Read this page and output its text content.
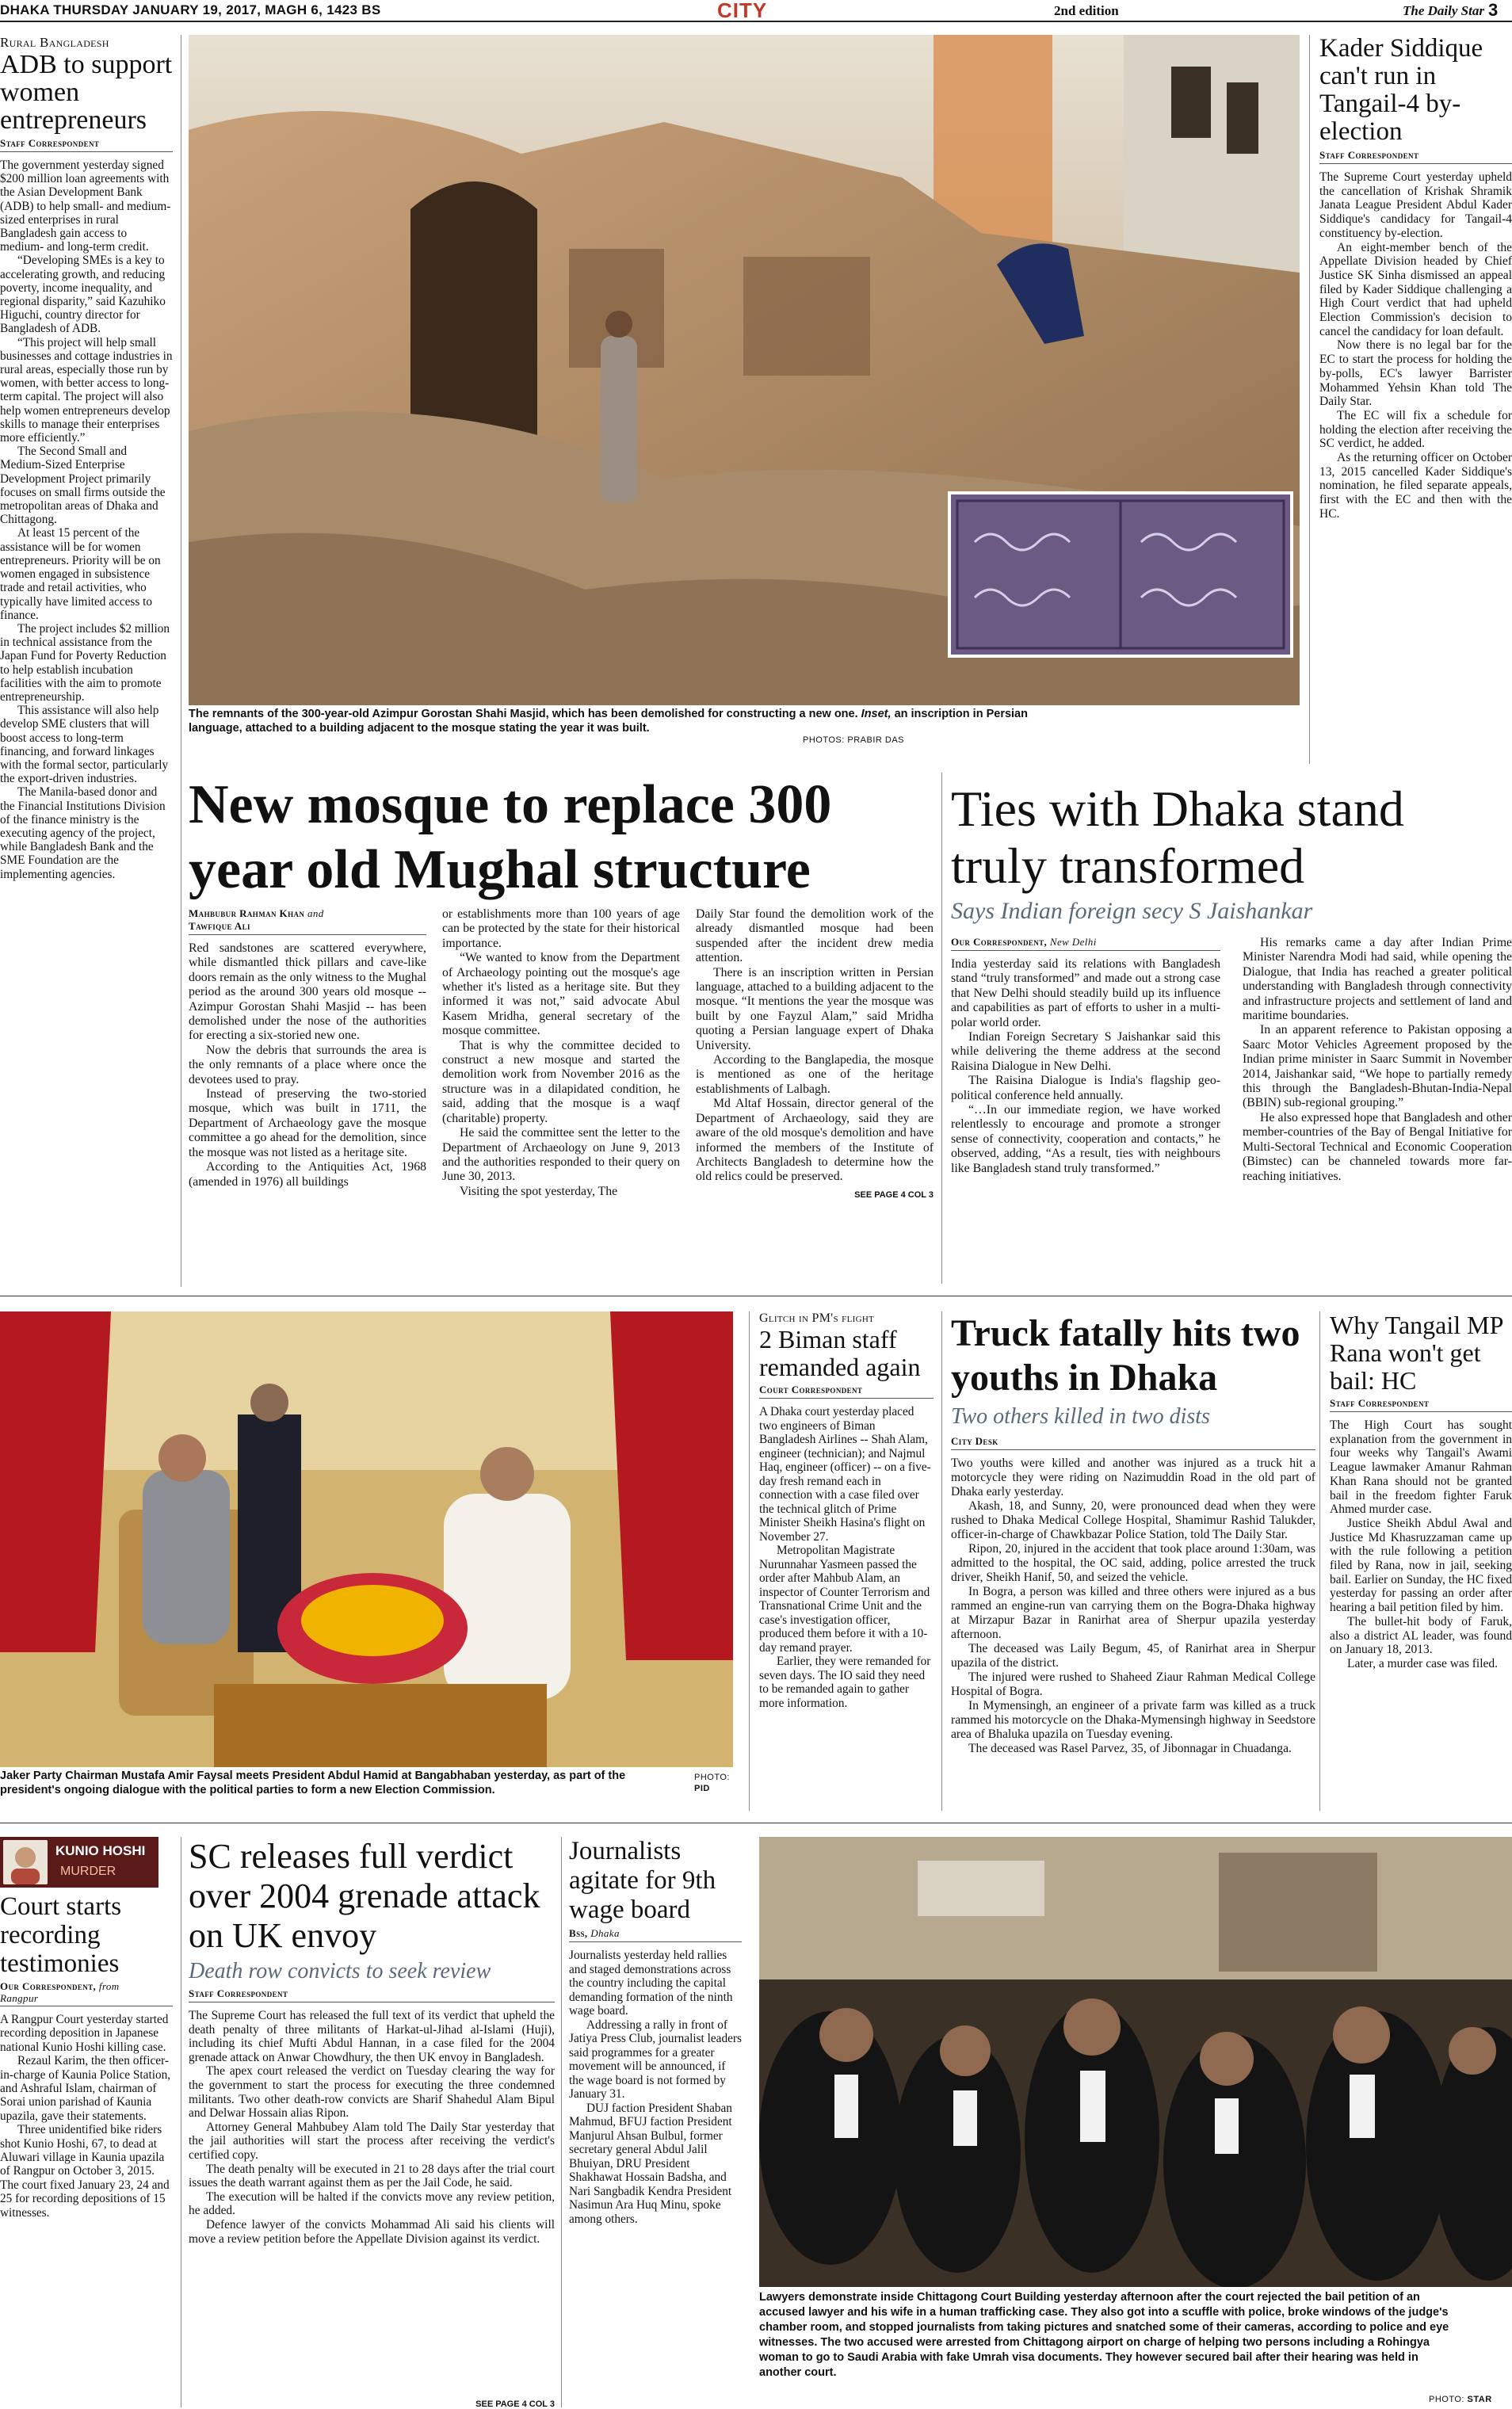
DHAKA THURSDAY JANUARY 19, 2017, MAGH 6, 1423 BS	CITY	2nd edition	The Daily Star 3
Rural Bangladesh
ADB to support women entrepreneurs
Staff Correspondent

The government yesterday signed $200 million loan agreements with the Asian Development Bank (ADB) to help small- and medium-sized enterprises in rural Bangladesh gain access to medium- and long-term credit.

“Developing SMEs is a key to accelerating growth, and reducing poverty, income inequality, and regional disparity,” said Kazuhiko Higuchi, country director for Bangladesh of ADB.

“This project will help small businesses and cottage industries in rural areas, especially those run by women, with better access to long-term capital. The project will also help women entrepreneurs develop skills to manage their enterprises more efficiently.”

The Second Small and Medium-Sized Enterprise Development Project primarily focuses on small firms outside the metropolitan areas of Dhaka and Chittagong.

At least 15 percent of the assistance will be for women entrepreneurs. Priority will be on women engaged in subsistence trade and retail activities, who typically have limited access to finance.

The project includes $2 million in technical assistance from the Japan Fund for Poverty Reduction to help establish incubation facilities with the aim to promote entrepreneurship.

This assistance will also help develop SME clusters that will boost access to long-term financing, and forward linkages with the formal sector, particularly the export-driven industries.

The Manila-based donor and the Financial Institutions Division of the finance ministry is the executing agency of the project, while Bangladesh Bank and the SME Foundation are the implementing agencies.

The remnants of the 300-year-old Azimpur Gorostan Shahi Masjid, which has been demolished for constructing a new one. Inset, an inscription in Persian language, attached to a building adjacent to the mosque stating the year it was built.
PHOTOS: PRABIR DAS
New mosque to replace 300 year old Mughal structure
Mahbubur Rahman Khan and
Tawfique Ali

Red sandstones are scattered everywhere, while dismantled thick pillars and cave-like doors remain as the only witness to the Mughal period as the around 300 years old mosque -- Azimpur Gorostan Shahi Masjid -- has been demolished under the nose of the authorities for erecting a six-storied new one.

Now the debris that surrounds the area is the only remnants of a place where once the devotees used to pray.

Instead of preserving the two-storied mosque, which was built in 1711, the Department of Archaeology gave the mosque committee a go ahead for the demolition, since the mosque was not listed as a heritage site.

According to the Antiquities Act, 1968 (amended in 1976) all buildings

or establishments more than 100 years of age can be protected by the state for their historical importance.

“We wanted to know from the Department of Archaeology pointing out the mosque's age whether it's listed as a heritage site. But they informed it was not,” said advocate Abul Kasem Mridha, general secretary of the mosque committee.

That is why the committee decided to construct a new mosque and started the demolition work from November 2016 as the structure was in a dilapidated condition, he said, adding that the mosque is a waqf (charitable) property.

He said the committee sent the letter to the Department of Archaeology on June 9, 2013 and the authorities responded to their query on June 30, 2013.

Visiting the spot yesterday, The

Daily Star found the demolition work of the already dismantled mosque had been suspended after the incident drew media attention.

There is an inscription written in Persian language, attached to a building adjacent to the mosque. “It mentions the year the mosque was built by one Fayzul Alam,” said Mridha quoting a Persian language expert of Dhaka University.

According to the Banglapedia, the mosque is mentioned as one of the heritage establishments of Lalbagh.

Md Altaf Hossain, director general of the Department of Archaeology, said they are aware of the old mosque's demolition and have informed the members of the Institute of Architects Bangladesh to determine how the old relics could be preserved.

SEE PAGE 4 COL 3
Kader Siddique can't run in Tangail-4 by-election
Staff Correspondent

The Supreme Court yesterday upheld the cancellation of Krishak Shramik Janata League President Abdul Kader Siddique's candidacy for Tangail-4 constituency by-election.

An eight-member bench of the Appellate Division headed by Chief Justice SK Sinha dismissed an appeal filed by Kader Siddique challenging a High Court verdict that had upheld Election Commission's decision to cancel the candidacy for loan default.

Now there is no legal bar for the EC to start the process for holding the by-polls, EC's lawyer Barrister Mohammed Yehsin Khan told The Daily Star.

The EC will fix a schedule for holding the election after receiving the SC verdict, he added.

As the returning officer on October 13, 2015 cancelled Kader Siddique's nomination, he filed separate appeals, first with the EC and then with the HC.

Ties with Dhaka stand truly transformed
Says Indian foreign secy S Jaishankar
Our Correspondent, New Delhi

India yesterday said its relations with Bangladesh stand “truly transformed” and made out a strong case that New Delhi should steadily build up its influence and capabilities as part of efforts to usher in a multi-polar world order.

Indian Foreign Secretary S Jaishankar said this while delivering the theme address at the second Raisina Dialogue in New Delhi.

The Raisina Dialogue is India's flagship geo-political conference held annually.

“…In our immediate region, we have worked relentlessly to encourage and promote a stronger sense of connectivity, cooperation and contacts,” he observed, adding, “As a result, ties with neighbours like Bangladesh stand truly transformed.”

His remarks came a day after Indian Prime Minister Narendra Modi had said, while opening the Dialogue, that India has reached a greater political understanding with Bangladesh through connectivity and infrastructure projects and settlement of land and maritime boundaries.

In an apparent reference to Pakistan opposing a Saarc Motor Vehicles Agreement proposed by the Indian prime minister in Saarc Summit in November 2014, Jaishankar said, “We hope to partially remedy this through the Bangladesh-Bhutan-India-Nepal (BBIN) sub-regional grouping.”

He also expressed hope that Bangladesh and other member-countries of the Bay of Bengal Initiative for Multi-Sectoral Technical and Economic Cooperation (Bimstec) can be channeled towards more far-reaching initiatives.

Jaker Party Chairman Mustafa Amir Faysal meets President Abdul Hamid at Bangabhaban yesterday, as part of the president's ongoing dialogue with the political parties to form a new Election Commission.
PHOTO:
PID
Glitch in PM's flight
2 Biman staff remanded again
Court Correspondent

A Dhaka court yesterday placed two engineers of Biman Bangladesh Airlines -- Shah Alam, engineer (technician); and Najmul Haq, engineer (officer) -- on a five-day fresh remand each in connection with a case filed over the technical glitch of Prime Minister Sheikh Hasina's flight on November 27.

Metropolitan Magistrate Nurunnahar Yasmeen passed the order after Mahbub Alam, an inspector of Counter Terrorism and Transnational Crime Unit and the case's investigation officer, produced them before it with a 10-day remand prayer.

Earlier, they were remanded for seven days. The IO said they need to be remanded again to gather more information.

Truck fatally hits two youths in Dhaka
Two others killed in two dists
City Desk

Two youths were killed and another was injured as a truck hit a motorcycle they were riding on Nazimuddin Road in the old part of Dhaka early yesterday.

Akash, 18, and Sunny, 20, were pronounced dead when they were rushed to Dhaka Medical College Hospital, Shamimur Rashid Talukder, officer-in-charge of Chawkbazar Police Station, told The Daily Star.

Ripon, 20, injured in the accident that took place around 1:30am, was admitted to the hospital, the OC said, adding, police arrested the truck driver, Sheikh Hanif, 50, and seized the vehicle.

In Bogra, a person was killed and three others were injured as a bus rammed an engine-run van carrying them on the Bogra-Dhaka highway at Mirzapur Bazar in Ranirhat area of Sherpur upazila yesterday afternoon.

The deceased was Laily Begum, 45, of Ranirhat area in Sherpur upazila of the district.

The injured were rushed to Shaheed Ziaur Rahman Medical College Hospital of Bogra.

In Mymensingh, an engineer of a private farm was killed as a truck rammed his motorcycle on the Dhaka-Mymensingh highway in Seedstore area of Bhaluka upazila on Tuesday evening.

The deceased was Rasel Parvez, 35, of Jibonnagar in Chuadanga.

Why Tangail MP Rana won't get bail: HC
Staff Correspondent

The High Court has sought explanation from the government in four weeks why Tangail's Awami League lawmaker Amanur Rahman Khan Rana should not be granted bail in the freedom fighter Faruk Ahmed murder case.

Justice Sheikh Abdul Awal and Justice Md Khasruzzaman came up with the rule following a petition filed by Rana, now in jail, seeking bail. Earlier on Sunday, the HC fixed yesterday for passing an order after hearing a bail petition filed by him.

The bullet-hit body of Faruk, also a district AL leader, was found on January 18, 2013.

Later, a murder case was filed.

KUNIO HOSHI
MURDER
Court starts recording testimonies
Our Correspondent, from
Rangpur

A Rangpur Court yesterday started recording deposition in Japanese national Kunio Hoshi killing case.

Rezaul Karim, the then officer-in-charge of Kaunia Police Station, and Ashraful Islam, chairman of Sorai union parishad of Kaunia upazila, gave their statements.

Three unidentified bike riders shot Kunio Hoshi, 67, to dead at Aluwari village in Kaunia upazila of Rangpur on October 3, 2015. The court fixed January 23, 24 and 25 for recording depositions of 15 witnesses.

SC releases full verdict over 2004 grenade attack on UK envoy
Death row convicts to seek review
Staff Correspondent

The Supreme Court has released the full text of its verdict that upheld the death penalty of three militants of Harkat-ul-Jihad al-Islami (Huji), including its chief Mufti Abdul Hannan, in a case filed for the 2004 grenade attack on Anwar Chowdhury, the then UK envoy in Bangladesh.

The apex court released the verdict on Tuesday clearing the way for the government to start the process for executing the three condemned militants. Two other death-row convicts are Sharif Shahedul Alam Bipul and Delwar Hossain alias Ripon.

Attorney General Mahbubey Alam told The Daily Star yesterday that the jail authorities will start the process after receiving the verdict's certified copy.

The death penalty will be executed in 21 to 28 days after the trial court issues the death warrant against them as per the Jail Code, he said.

The execution will be halted if the convicts move any review petition, he added.

Defence lawyer of the convicts Mohammad Ali said his clients will move a review petition before the Appellate Division against its verdict.

SEE PAGE 4 COL 3
Journalists agitate for 9th wage board
Bss, Dhaka

Journalists yesterday held rallies and staged demonstrations across the country including the capital demanding formation of the ninth wage board.

Addressing a rally in front of Jatiya Press Club, journalist leaders said programmes for a greater movement will be announced, if the wage board is not formed by January 31.

DUJ faction President Shaban Mahmud, BFUJ faction President Manjurul Ahsan Bulbul, former secretary general Abdul Jalil Bhuiyan, DRU President Shakhawat Hossain Badsha, and Nari Sangbadik Kendra President Nasimun Ara Huq Minu, spoke among others.

Lawyers demonstrate inside Chittagong Court Building yesterday afternoon after the court rejected the bail petition of an accused lawyer and his wife in a human trafficking case. They also got into a scuffle with police, broke windows of the judge's chamber room, and stopped journalists from taking pictures and snatched some of their cameras, according to police and eye witnesses. The two accused were arrested from Chittagong airport on charge of helping two persons including a Rohingya woman to go to Saudi Arabia with fake Umrah visa documents. They however secured bail after their hearing was held in another court.
PHOTO: STAR
